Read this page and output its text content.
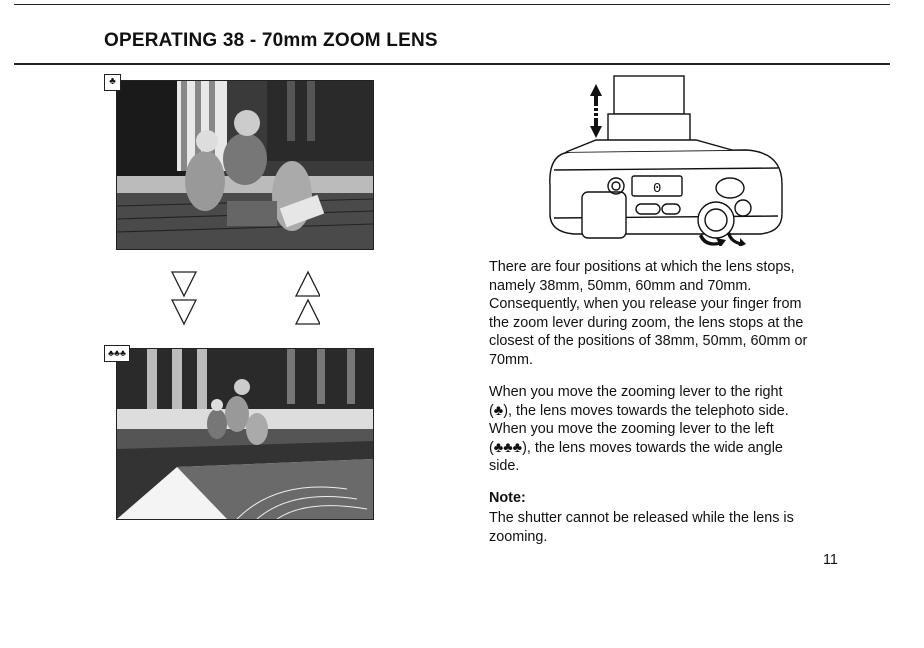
OPERATING 38 - 70mm ZOOM LENS
♣
♣♣♣
0
There are four positions at which the lens stops,
namely 38mm, 50mm, 60mm and 70mm.
Consequently, when you release your finger from
the zoom lever during zoom, the lens stops at the
closest of the positions of 38mm, 50mm, 60mm or
70mm.
When you move the zooming lever to the right
(♣), the lens moves towards the telephoto side.
When you move the zooming lever to the left
(♣♣♣), the lens moves towards the wide angle
side.
Note:
The shutter cannot be released while the lens is
zooming.
11
